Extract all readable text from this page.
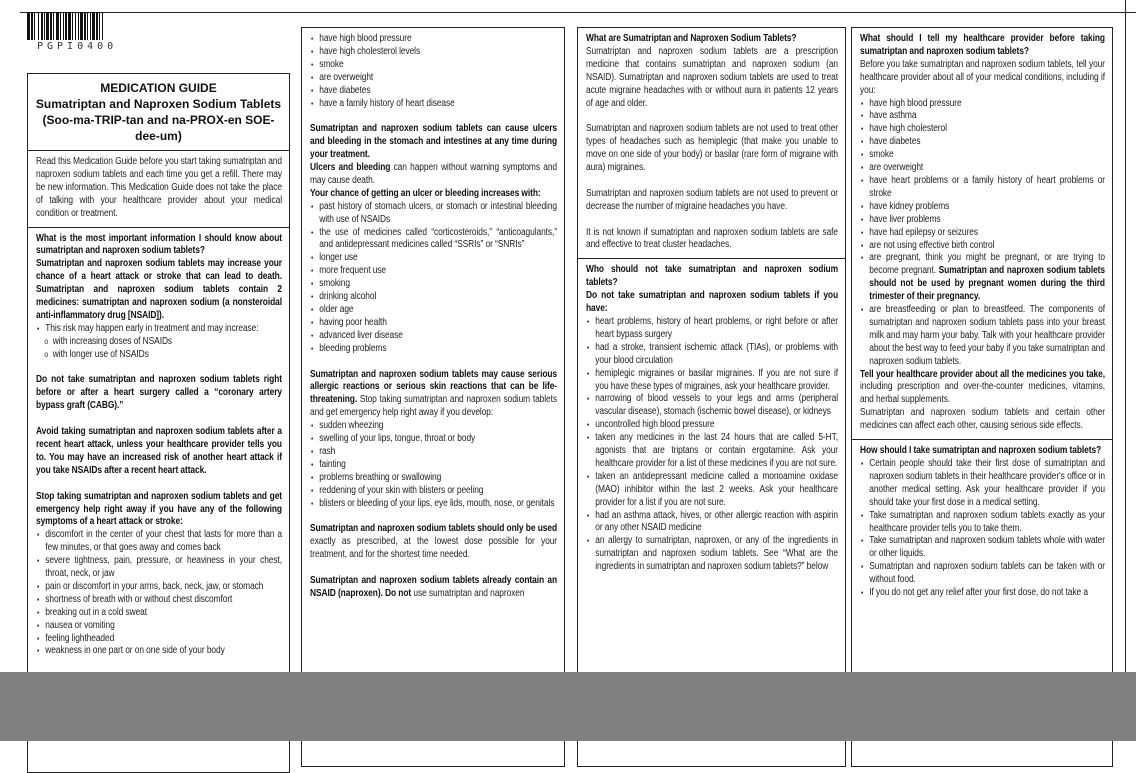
PGPI0400
MEDICATION GUIDE
Sumatriptan and Naproxen Sodium Tablets
(Soo-ma-TRIP-tan and na-PROX-en SOE-dee-um)

Read this Medication Guide before you start taking sumatriptan and naproxen sodium tablets and each time you get a refill. There may be new information. This Medication Guide does not take the place of talking with your healthcare provider about your medical condition or treatment.

What is the most important information I should know about sumatriptan and naproxen sodium tablets?

Sumatriptan and naproxen sodium tablets may increase your chance of a heart attack or stroke that can lead to death. Sumatriptan and naproxen sodium tablets contain 2 medicines: sumatriptan and naproxen sodium (a nonsteroidal anti-inflammatory drug [NSAID]).

● This risk may happen early in treatment and may increase:
o with increasing doses of NSAIDs
o with longer use of NSAIDs

Do not take sumatriptan and naproxen sodium tablets right before or after a heart surgery called a “coronary artery bypass graft (CABG).”

Avoid taking sumatriptan and naproxen sodium tablets after a recent heart attack, unless your healthcare provider tells you to. You may have an increased risk of another heart attack if you take NSAIDs after a recent heart attack.

Stop taking sumatriptan and naproxen sodium tablets and get emergency help right away if you have any of the following symptoms of a heart attack or stroke:

● discomfort in the center of your chest that lasts for more than a few minutes, or that goes away and comes back
● severe tightness, pain, pressure, or heaviness in your chest, throat, neck, or jaw
● pain or discomfort in your arms, back, neck, jaw, or stomach
● shortness of breath with or without chest discomfort
● breaking out in a cold sweat
● nausea or vomiting
● feeling lightheaded
● weakness in one part or on one side of your body
● have high blood pressure
● have high cholesterol levels
● smoke
● are overweight
● have diabetes
● have a family history of heart disease

Sumatriptan and naproxen sodium tablets can cause ulcers and bleeding in the stomach and intestines at any time during your treatment.

Ulcers and bleeding can happen without warning symptoms and may cause death.

Your chance of getting an ulcer or bleeding increases with:

● past history of stomach ulcers, or stomach or intestinal bleeding with use of NSAIDs
● the use of medicines called “corticosteroids,” “anticoagulants,” and antidepressant medicines called “SSRIs” or “SNRIs”
● longer use
● more frequent use
● smoking
● drinking alcohol
● older age
● having poor health
● advanced liver disease
● bleeding problems

Sumatriptan and naproxen sodium tablets may cause serious allergic reactions or serious skin reactions that can be life-threatening. Stop taking sumatriptan and naproxen sodium tablets and get emergency help right away if you develop:

● sudden wheezing
● swelling of your lips, tongue, throat or body
● rash
● fainting
● problems breathing or swallowing
● reddening of your skin with blisters or peeling
● blisters or bleeding of your lips, eye lids, mouth, nose, or genitals

Sumatriptan and naproxen sodium tablets should only be used exactly as prescribed, at the lowest dose possible for your treatment, and for the shortest time needed.

Sumatriptan and naproxen sodium tablets already contain an NSAID (naproxen). Do not use sumatriptan and naproxen

What are Sumatriptan and Naproxen Sodium Tablets?

Sumatriptan and naproxen sodium tablets are a prescription medicine that contains sumatriptan and naproxen sodium (an NSAID). Sumatriptan and naproxen sodium tablets are used to treat acute migraine headaches with or without aura in patients 12 years of age and older.

Sumatriptan and naproxen sodium tablets are not used to treat other types of headaches such as hemiplegic (that make you unable to move on one side of your body) or basilar (rare form of migraine with aura) migraines.

Sumatriptan and naproxen sodium tablets are not used to prevent or decrease the number of migraine headaches you have.

It is not known if sumatriptan and naproxen sodium tablets are safe and effective to treat cluster headaches.

Who should not take sumatriptan and naproxen sodium tablets?

Do not take sumatriptan and naproxen sodium tablets if you have:

● heart problems, history of heart problems, or right before or after heart bypass surgery
● had a stroke, transient ischemic attack (TIAs), or problems with your blood circulation
● hemiplegic migraines or basilar migraines. If you are not sure if you have these types of migraines, ask your healthcare provider.
● narrowing of blood vessels to your legs and arms (peripheral vascular disease), stomach (ischemic bowel disease), or kidneys
● uncontrolled high blood pressure
● taken any medicines in the last 24 hours that are called 5-HT, agonists that are triptans or contain ergotamine. Ask your healthcare provider for a list of these medicines if you are not sure.
● taken an antidepressant medicine called a monoamine oxidase (MAO) inhibitor within the last 2 weeks. Ask your healthcare provider for a list if you are not sure.
● had an asthma attack, hives, or other allergic reaction with aspirin or any other NSAID medicine
● an allergy to sumatriptan, naproxen, or any of the ingredients in sumatriptan and naproxen sodium tablets. See “What are the ingredients in sumatriptan and naproxen sodium tablets?” below

What should I tell my healthcare provider before taking sumatriptan and naproxen sodium tablets?

Before you take sumatriptan and naproxen sodium tablets, tell your healthcare provider about all of your medical conditions, including if you:

● have high blood pressure
● have asthma
● have high cholesterol
● have diabetes
● smoke
● are overweight
● have heart problems or a family history of heart problems or stroke
● have kidney problems
● have liver problems
● have had epilepsy or seizures
● are not using effective birth control
● are pregnant, think you might be pregnant, or are trying to become pregnant. Sumatriptan and naproxen sodium tablets should not be used by pregnant women during the third trimester of their pregnancy.
● are breastfeeding or plan to breastfeed. The components of sumatriptan and naproxen sodium tablets pass into your breast milk and may harm your baby. Talk with your healthcare provider about the best way to feed your baby if you take sumatriptan and naproxen sodium tablets.

Tell your healthcare provider about all the medicines you take, including prescription and over-the-counter medicines, vitamins, and herbal supplements.

Sumatriptan and naproxen sodium tablets and certain other medicines can affect each other, causing serious side effects.

How should I take sumatriptan and naproxen sodium tablets?

● Certain people should take their first dose of sumatriptan and naproxen sodium tablets in their healthcare provider's office or in another medical setting. Ask your healthcare provider if you should take your first dose in a medical setting.
● Take sumatriptan and naproxen sodium tablets exactly as your healthcare provider tells you to take them.
● Take sumatriptan and naproxen sodium tablets whole with water or other liquids.
● Sumatriptan and naproxen sodium tablets can be taken with or without food.
● If you do not get any relief after your first dose, do not take a
